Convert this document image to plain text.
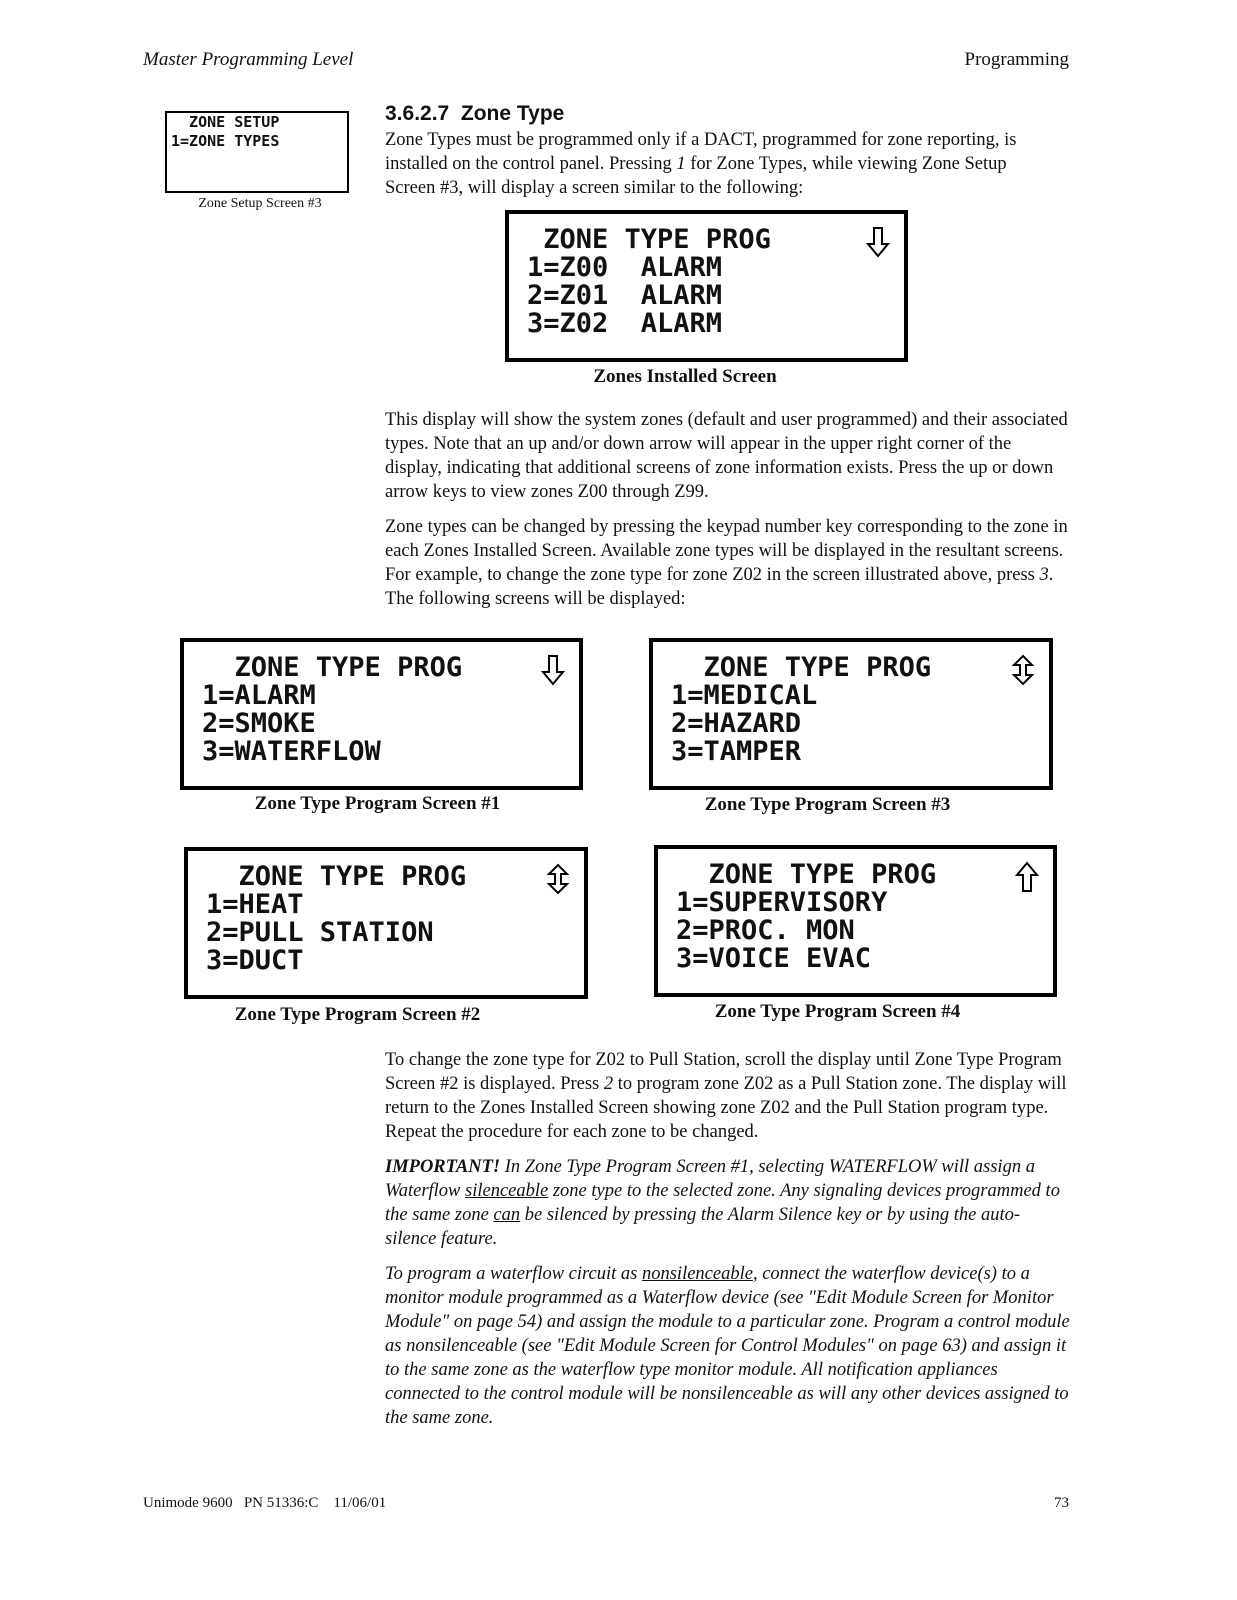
Master Programming Level	Programming
ZONE SETUP
1=ZONE TYPES
Zone Setup Screen #3
3.6.2.7 Zone Type
Zone Types must be programmed only if a DACT, programmed for zone reporting, is
installed on the control panel. Pressing 1 for Zone Types, while viewing Zone Setup
Screen #3, will display a screen similar to the following:
ZONE TYPE PROG
1=Z00  ALARM
2=Z01  ALARM
3=Z02  ALARM
Zones Installed Screen

This display will show the system zones (default and user programmed) and their associated types. Note that an up and/or down arrow will appear in the upper right corner of the display, indicating that additional screens of zone information exists. Press the up or down arrow keys to view zones Z00 through Z99.

Zone types can be changed by pressing the keypad number key corresponding to the zone in each Zones Installed Screen. Available zone types will be displayed in the resultant screens. For example, to change the zone type for zone Z02 in the screen illustrated above, press 3. The following screens will be displayed:

ZONE TYPE PROG
1=ALARM
2=SMOKE
3=WATERFLOW
Zone Type Program Screen #1
ZONE TYPE PROG
1=MEDICAL
2=HAZARD
3=TAMPER
Zone Type Program Screen #3
ZONE TYPE PROG
1=HEAT
2=PULL STATION
3=DUCT
Zone Type Program Screen #2
ZONE TYPE PROG
1=SUPERVISORY
2=PROC. MON
3=VOICE EVAC
Zone Type Program Screen #4

To change the zone type for Z02 to Pull Station, scroll the display until Zone Type Program Screen #2 is displayed. Press 2 to program zone Z02 as a Pull Station zone. The display will return to the Zones Installed Screen showing zone Z02 and the Pull Station program type. Repeat the procedure for each zone to be changed.

IMPORTANT! In Zone Type Program Screen #1, selecting WATERFLOW will assign a Waterflow silenceable zone type to the selected zone. Any signaling devices programmed to the same zone can be silenced by pressing the Alarm Silence key or by using the auto-silence feature.

To program a waterflow circuit as nonsilenceable, connect the waterflow device(s) to a monitor module programmed as a Waterflow device (see "Edit Module Screen for Monitor Module" on page 54) and assign the module to a particular zone. Program a control module as nonsilenceable (see "Edit Module Screen for Control Modules" on page 63) and assign it to the same zone as the waterflow type monitor module. All notification appliances connected to the control module will be nonsilenceable as will any other devices assigned to the same zone.

Unimode 9600   PN 51336:C    11/06/01	73
